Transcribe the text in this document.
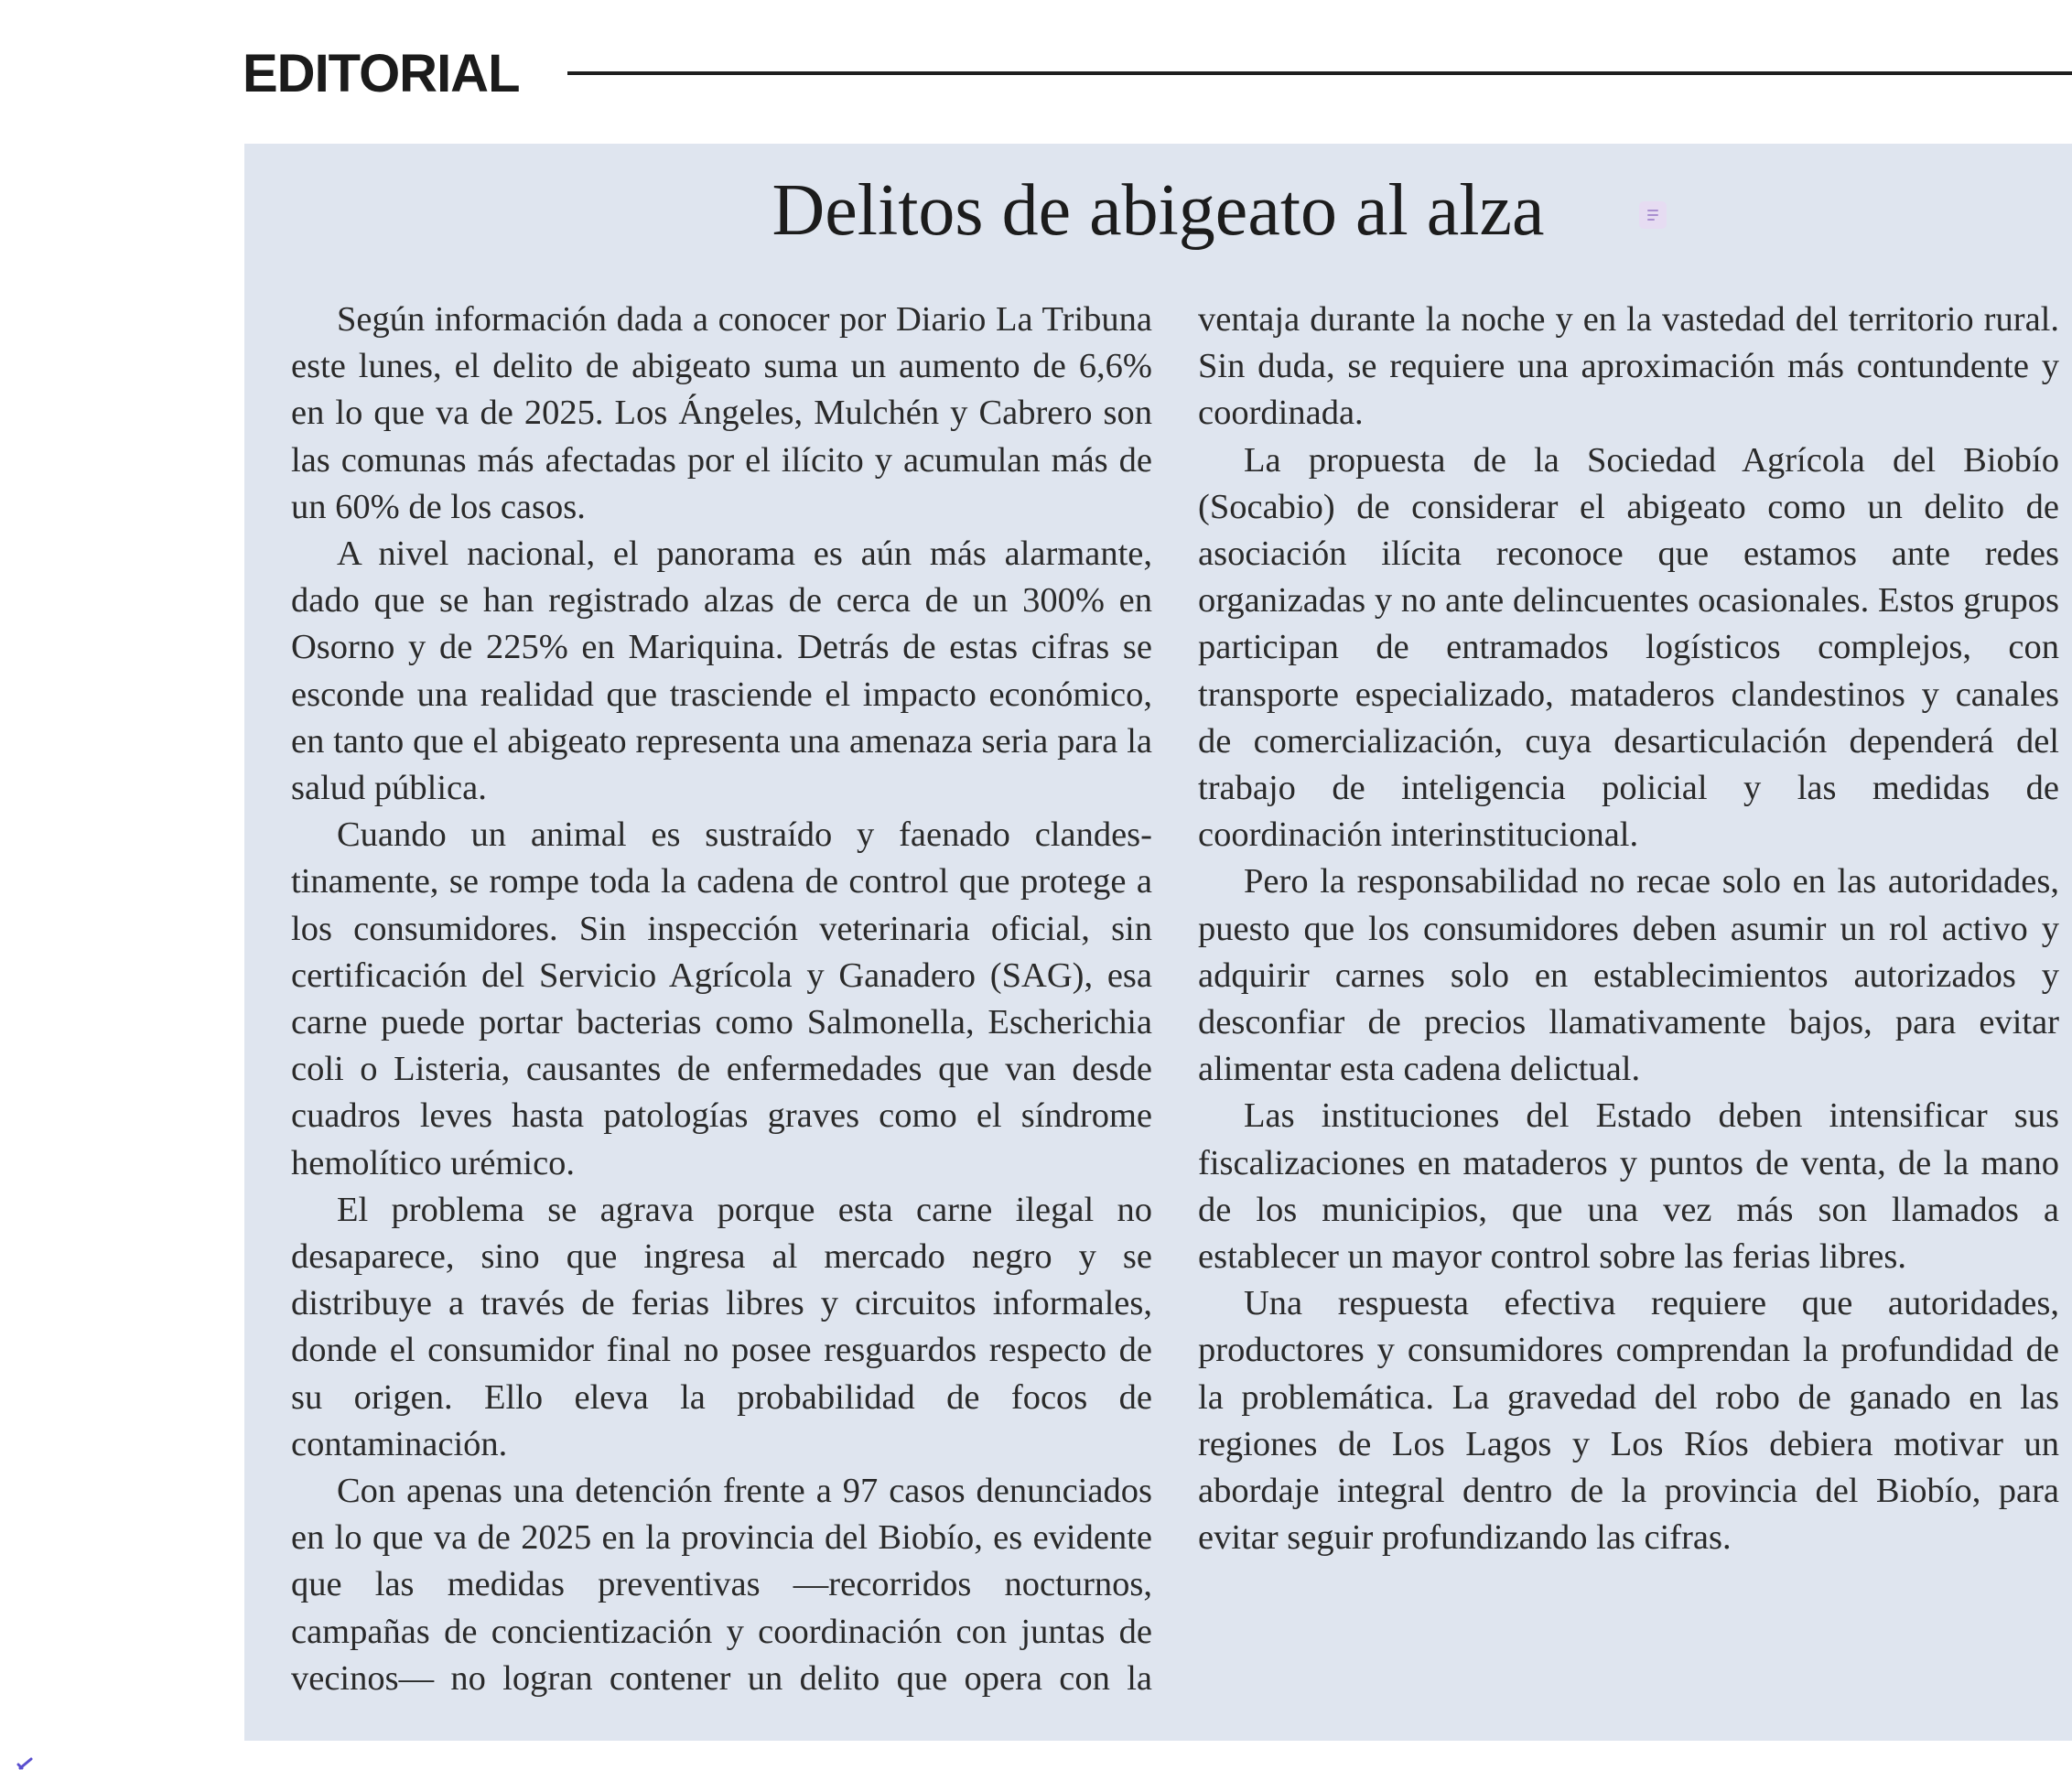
EDITORIAL
Delitos de abigeato al alza

Según información dada a conocer por Diario La Tribuna este lunes, el delito de abigeato suma un aumento de 6,6% en lo que va de 2025. Los Ángeles, Mulchén y Cabrero son las comunas más afectadas por el ilícito y acumulan más de un 60% de los casos.

A nivel nacional, el panorama es aún más alarmante, dado que se han registrado alzas de cerca de un 300% en Osorno y de 225% en Mariquina. Detrás de estas cifras se esconde una realidad que trasciende el impacto económico, en tanto que el abigeato representa una amenaza seria para la salud pública.

Cuando un animal es sustraído y faenado clandestinamente, se rompe toda la cadena de control que protege a los consumidores. Sin inspección veterinaria oficial, sin certificación del Servicio Agrícola y Ganadero (SAG), esa carne puede portar bacterias como Salmonella, Escherichia coli o Listeria, causantes de enfermedades que van desde cuadros leves hasta patologías graves como el síndrome hemolítico urémico.

El problema se agrava porque esta carne ilegal no desaparece, sino que ingresa al mercado negro y se distribuye a través de ferias libres y circuitos informales, donde el consumidor final no posee resguardos respecto de su origen. Ello eleva la probabilidad de focos de contaminación.

Con apenas una detención frente a 97 casos denunciados en lo que va de 2025 en la provincia del Biobío, es evidente que las medidas preventivas —recorridos nocturnos, campañas de concientización y coordinación con juntas de vecinos— no logran contener un delito que opera con la ventaja durante la noche y en la vastedad del territorio rural. Sin duda, se requiere una aproximación más contundente y coordinada.

La propuesta de la Sociedad Agrícola del Biobío (Socabio) de considerar el abigeato como un delito de asociación ilícita reconoce que estamos ante redes organizadas y no ante delincuentes ocasionales. Estos grupos participan de entramados logísticos complejos, con transporte especializado, mataderos clandestinos y canales de comercialización, cuya desarticulación dependerá del trabajo de inteligencia policial y las medidas de coordinación interinstitucional.

Pero la responsabilidad no recae solo en las autoridades, puesto que los consumidores deben asumir un rol activo y adquirir carnes solo en establecimientos autorizados y desconfiar de precios llamativamente bajos, para evitar alimentar esta cadena delictual.

Las instituciones del Estado deben intensificar sus fiscalizaciones en mataderos y puntos de venta, de la mano de los municipios, que una vez más son llamados a establecer un mayor control sobre las ferias libres.

Una respuesta efectiva requiere que autoridades, productores y consumidores comprendan la profundidad de la problemática. La gravedad del robo de ganado en las regiones de Los Lagos y Los Ríos debiera motivar un abordaje integral dentro de la provincia del Biobío, para evitar seguir profundizando las cifras.
